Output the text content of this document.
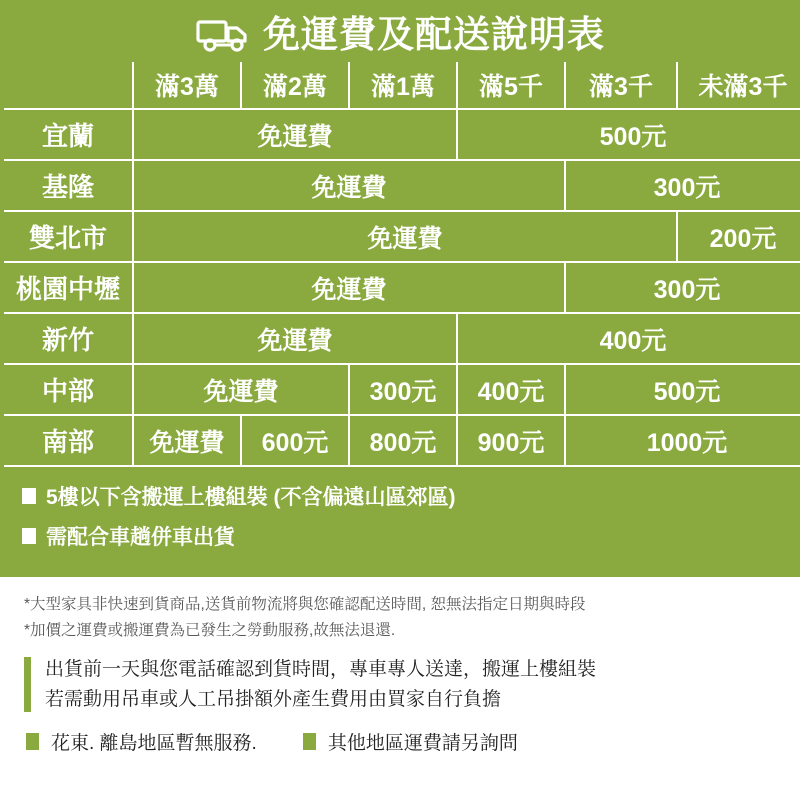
免運費及配送說明表
	滿3萬	滿2萬	滿1萬	滿5千	滿3千	未滿3千
宜蘭	免運費			500元		
基隆	免運費				300元	
雙北市	免運費					200元
桃園中壢	免運費				300元	
新竹	免運費			400元		
中部	免運費		300元	400元	500元	
南部	免運費	600元	800元	900元	1000元	
5樓以下含搬運上樓組裝 (不含偏遠山區郊區)
需配合車趟併車出貨

*大型家具非快速到貨商品,送貨前物流將與您確認配送時間, 恕無法指定日期與時段

*加價之運費或搬運費為已發生之勞動服務,故無法退還.

出貨前一天與您電話確認到貨時間，專車專人送達，搬運上樓組裝

若需動用吊車或人工吊掛額外產生費用由買家自行負擔

花東. 離島地區暫無服務.	其他地區運費請另詢問
